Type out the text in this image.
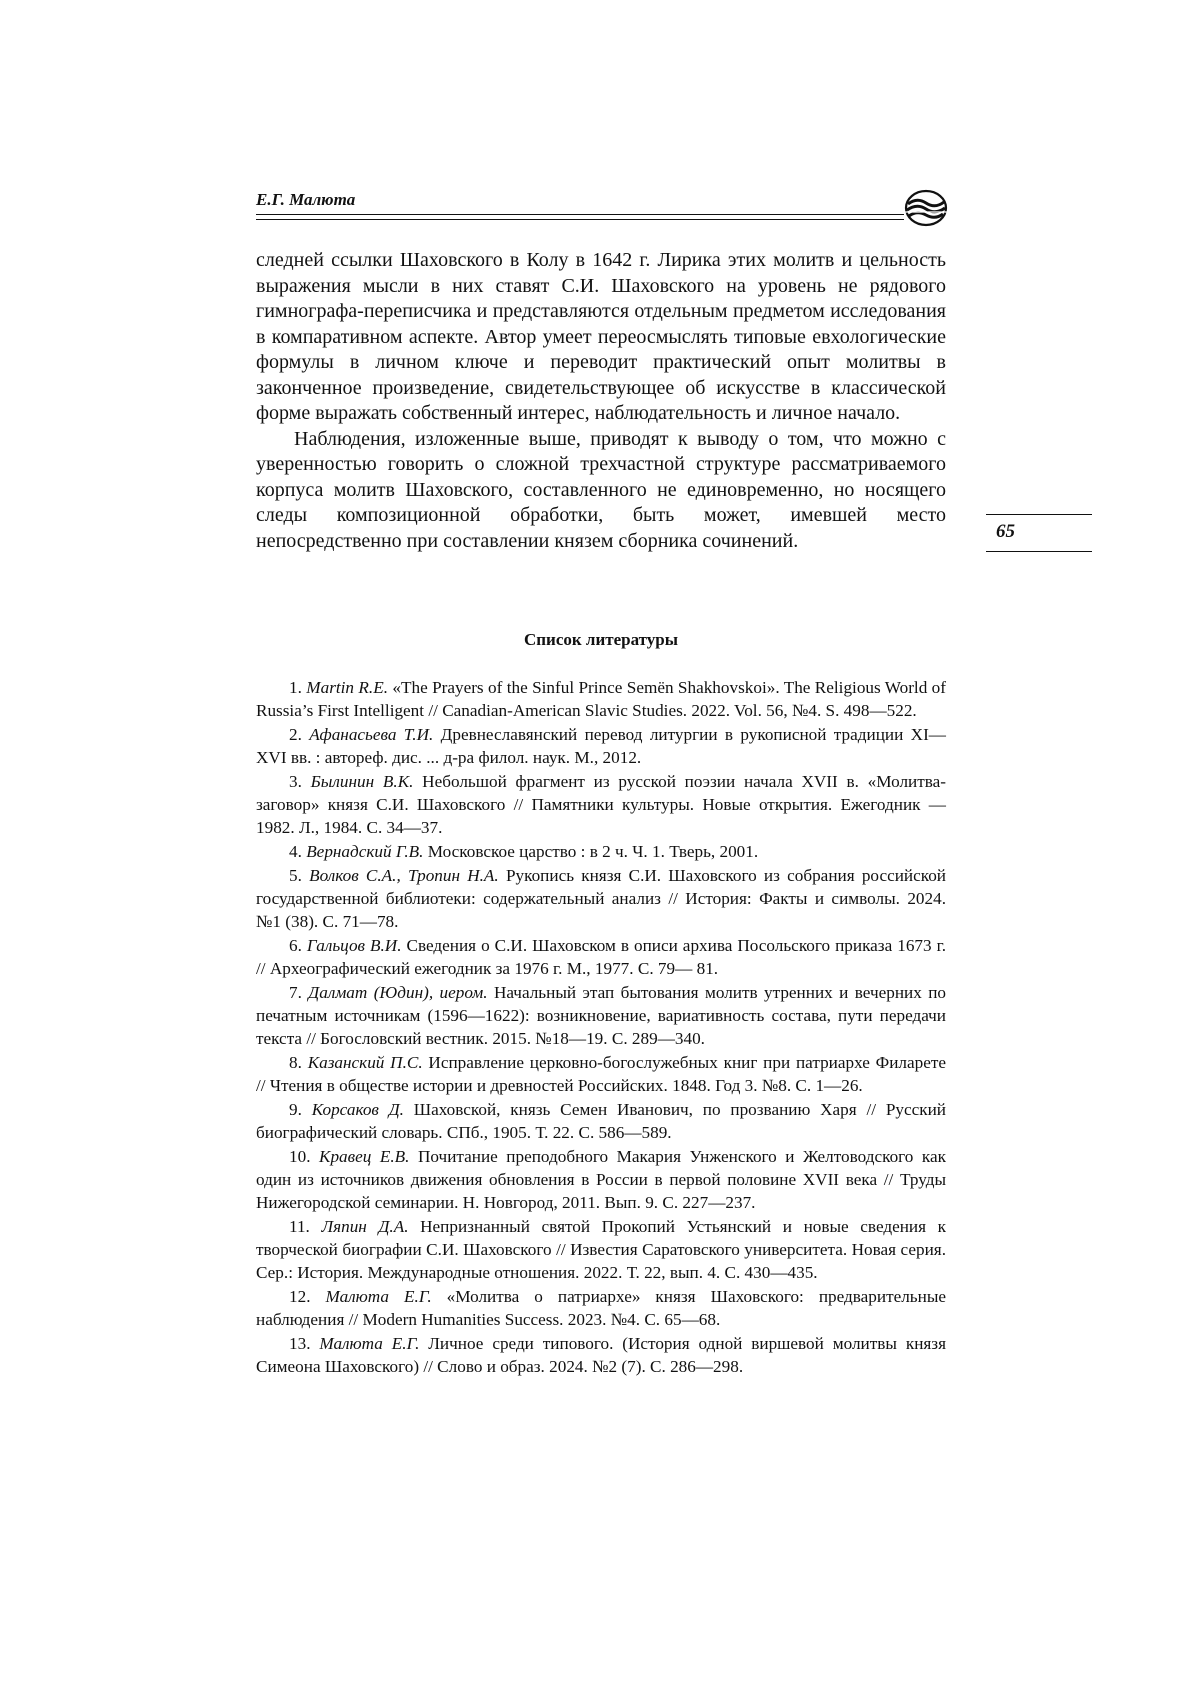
Е.Г. Малюта

следней ссылки Шаховского в Колу в 1642 г. Лирика этих молитв и цельность выражения мысли в них ставят С.И. Шаховского на уровень не рядового гимнографа-переписчика и представляются отдельным предметом исследования в компаративном аспекте. Автор умеет переосмыслять типовые евхологические формулы в личном ключе и переводит практический опыт молитвы в законченное произведение, свидетельствующее об искусстве в классической форме выражать собственный интерес, наблюдательность и личное начало.

Наблюдения, изложенные выше, приводят к выводу о том, что можно с уверенностью говорить о сложной трехчастной структуре рассматриваемого корпуса молитв Шаховского, составленного не единовременно, но носящего следы композиционной обработки, быть может, имевшей место непосредственно при составлении князем сборника сочинений.	65
Список литературы

1. Martin R.E. «The Prayers of the Sinful Prince Semёn Shakhovskoi». The Religious World of Russia’s First Intelligent // Canadian-American Slavic Studies. 2022. Vol. 56, №4. S. 498—522.

2. Афанасьева Т.И. Древнеславянский перевод литургии в рукописной традиции XI—XVI вв. : автореф. дис. ... д-ра филол. наук. М., 2012.

3. Былинин В.К. Небольшой фрагмент из русской поэзии начала XVII в. «Молитва-заговор» князя С.И. Шаховского // Памятники культуры. Новые открытия. Ежегодник — 1982. Л., 1984. С. 34—37.

4. Вернадский Г.В. Московское царство : в 2 ч. Ч. 1. Тверь, 2001.

5. Волков С.А., Тропин Н.А. Рукопись князя С.И. Шаховского из собрания российской государственной библиотеки: содержательный анализ // История: Факты и символы. 2024. №1 (38). С. 71—78.

6. Гальцов В.И. Сведения о С.И. Шаховском в описи архива Посольского приказа 1673 г. // Археографический ежегодник за 1976 г. М., 1977. С. 79— 81.

7. Далмат (Юдин), иером. Начальный этап бытования молитв утренних и вечерних по печатным источникам (1596—1622): возникновение, вариативность состава, пути передачи текста // Богословский вестник. 2015. №18—19. С. 289—340.

8. Казанский П.С. Исправление церковно-богослужебных книг при патриархе Филарете // Чтения в обществе истории и древностей Российских. 1848. Год 3. №8. С. 1—26.

9. Корсаков Д. Шаховской, князь Семен Иванович, по прозванию Харя // Русский биографический словарь. СПб., 1905. Т. 22. С. 586—589.

10. Кравец Е.В. Почитание преподобного Макария Унженского и Желтоводского как один из источников движения обновления в России в первой половине XVII века // Труды Нижегородской семинарии. Н. Новгород, 2011. Вып. 9. С. 227—237.

11. Ляпин Д.А. Непризнанный святой Прокопий Устьянский и новые сведения к творческой биографии С.И. Шаховского // Известия Саратовского университета. Новая серия. Сер.: История. Международные отношения. 2022. Т. 22, вып. 4. С. 430—435.

12. Малюта Е.Г. «Молитва о патриархе» князя Шаховского: предварительные наблюдения // Modern Humanities Success. 2023. №4. С. 65—68.

13. Малюта Е.Г. Личное среди типового. (История одной виршевой молитвы князя Симеона Шаховского) // Слово и образ. 2024. №2 (7). С. 286—298.
